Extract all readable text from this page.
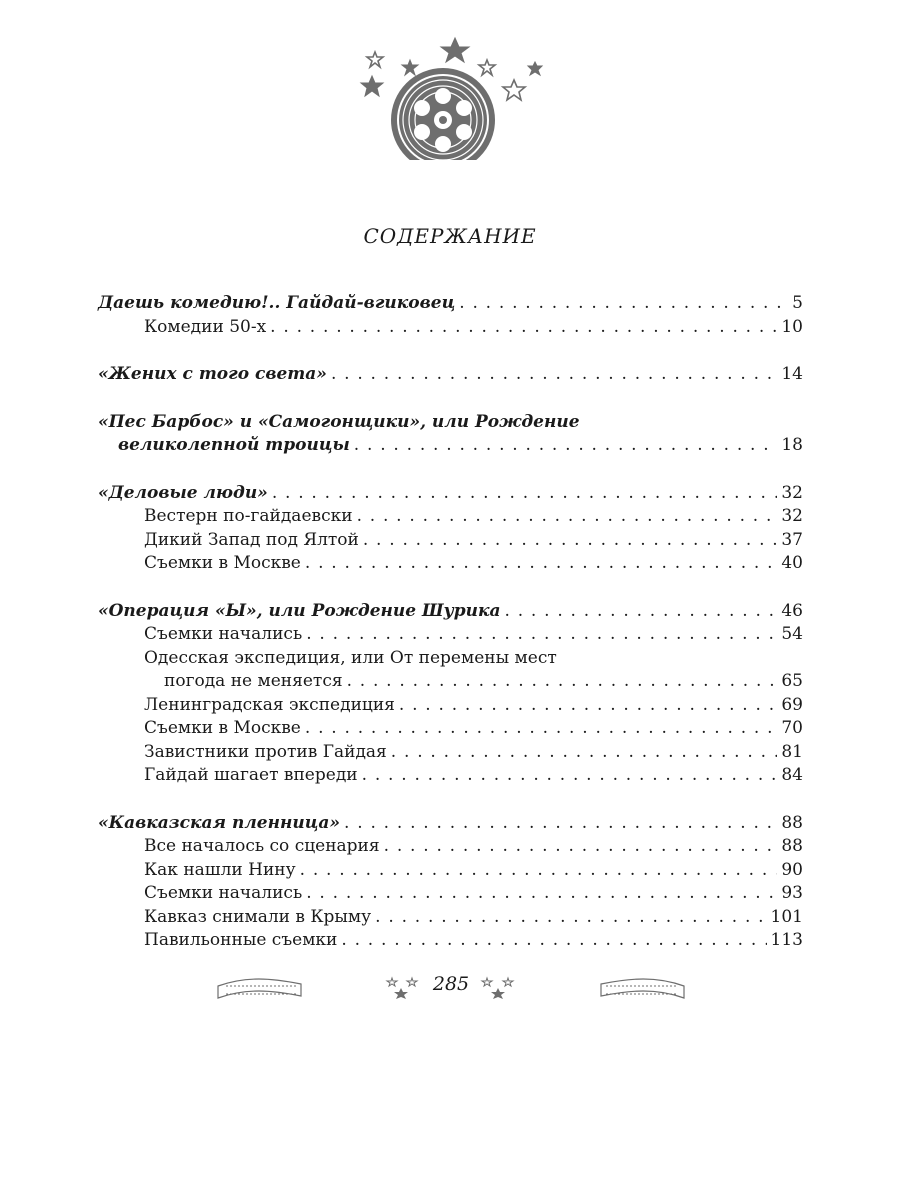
СОДЕРЖАНИЕ
Даешь комедию!.. Гайдай-вгиковец . . .	5
Комедии 50-х . . .	10
«Жених с того света» . . .	14
«Пес Барбос» и «Самогонщики», или Рождение
великолепной троицы . . .	18
«Деловые люди» . . .	32
Вестерн по-гайдаевски . . .	32
Дикий Запад под Ялтой . . .	37
Съемки в Москве . . .	40
«Операция «Ы», или Рождение Шурика . . .	46
Съемки начались . . .	54
Одесская экспедиция, или От перемены мест
погода не меняется . . .	65
Ленинградская экспедиция . . .	69
Съемки в Москве . . .	70
Завистники против Гайдая . . .	81
Гайдай шагает впереди . . .	84
«Кавказская пленница» . . .	88
Все началось со сценария . . .	88
Как нашли Нину . . .	90
Съемки начались . . .	93
Кавказ снимали в Крыму . . .	101
Павильонные съемки . . .	113
285
